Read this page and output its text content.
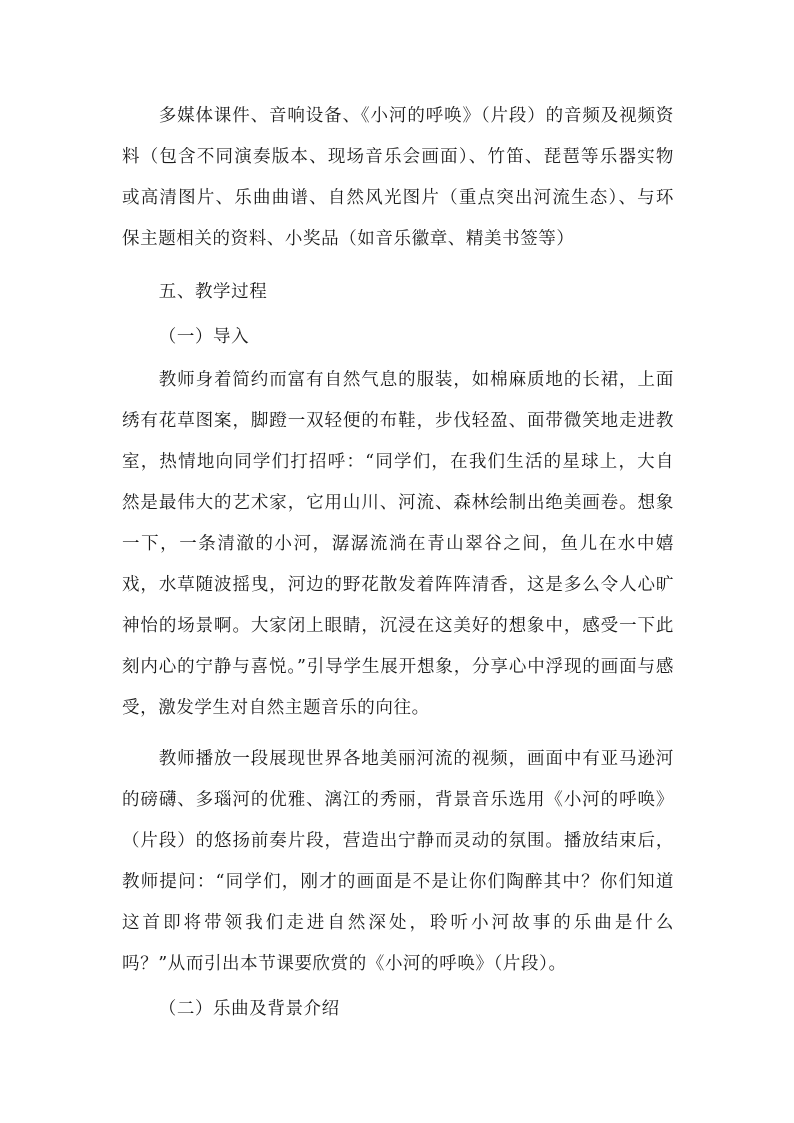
多媒体课件、音响设备、《小河的呼唤》（片段）的音频及视频资料（包含不同演奏版本、现场音乐会画面）、竹笛、琵琶等乐器实物或高清图片、乐曲曲谱、自然风光图片（重点突出河流生态）、与环保主题相关的资料、小奖品（如音乐徽章、精美书签等）

五、教学过程

（一）导入

教师身着简约而富有自然气息的服装，如棉麻质地的长裙，上面绣有花草图案，脚蹬一双轻便的布鞋，步伐轻盈、面带微笑地走进教室，热情地向同学们打招呼：“同学们，在我们生活的星球上，大自然是最伟大的艺术家，它用山川、河流、森林绘制出绝美画卷。想象一下，一条清澈的小河，潺潺流淌在青山翠谷之间，鱼儿在水中嬉戏，水草随波摇曳，河边的野花散发着阵阵清香，这是多么令人心旷神怡的场景啊。大家闭上眼睛，沉浸在这美好的想象中，感受一下此刻内心的宁静与喜悦。”引导学生展开想象，分享心中浮现的画面与感受，激发学生对自然主题音乐的向往。

教师播放一段展现世界各地美丽河流的视频，画面中有亚马逊河的磅礴、多瑙河的优雅、漓江的秀丽，背景音乐选用《小河的呼唤》（片段）的悠扬前奏片段，营造出宁静而灵动的氛围。播放结束后，教师提问：“同学们，刚才的画面是不是让你们陶醉其中？你们知道这首即将带领我们走进自然深处，聆听小河故事的乐曲是什么吗？”从而引出本节课要欣赏的《小河的呼唤》（片段）。

（二）乐曲及背景介绍
